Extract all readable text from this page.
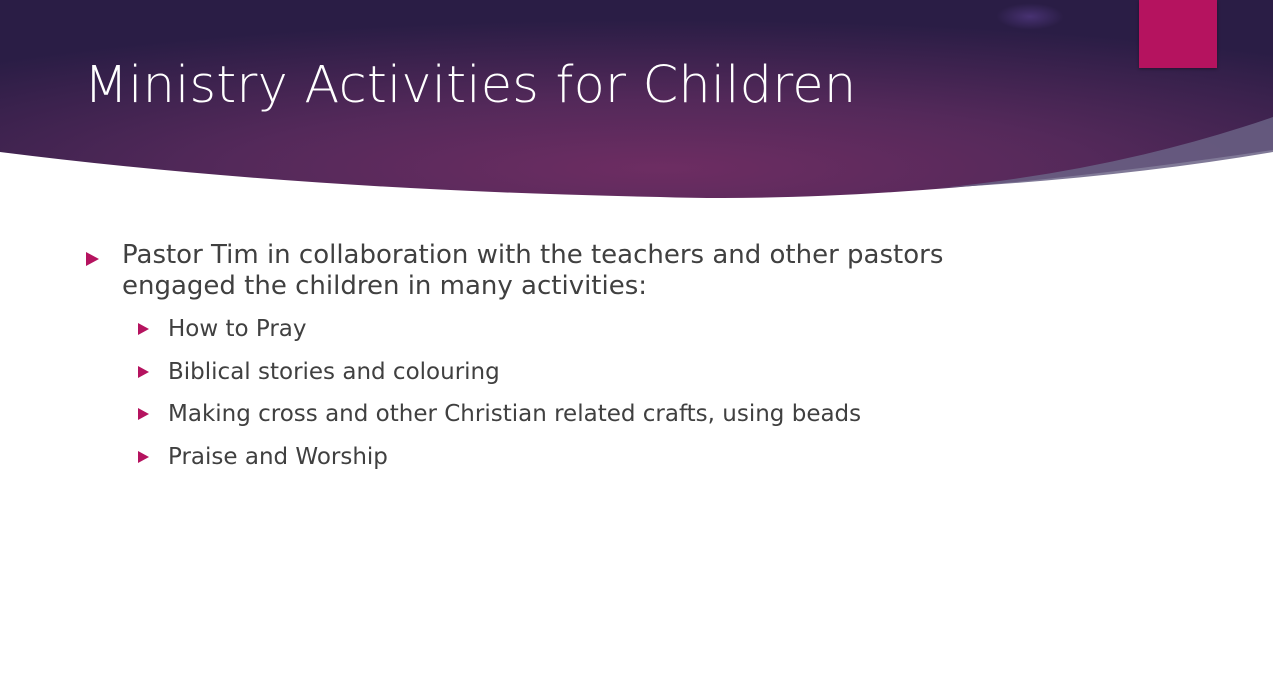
Ministry Activities for Children
Pastor Tim in collaboration with the teachers and other pastors engaged the children in many activities:
How to Pray
Biblical stories and colouring
Making cross and other Christian related crafts, using beads
Praise and Worship
